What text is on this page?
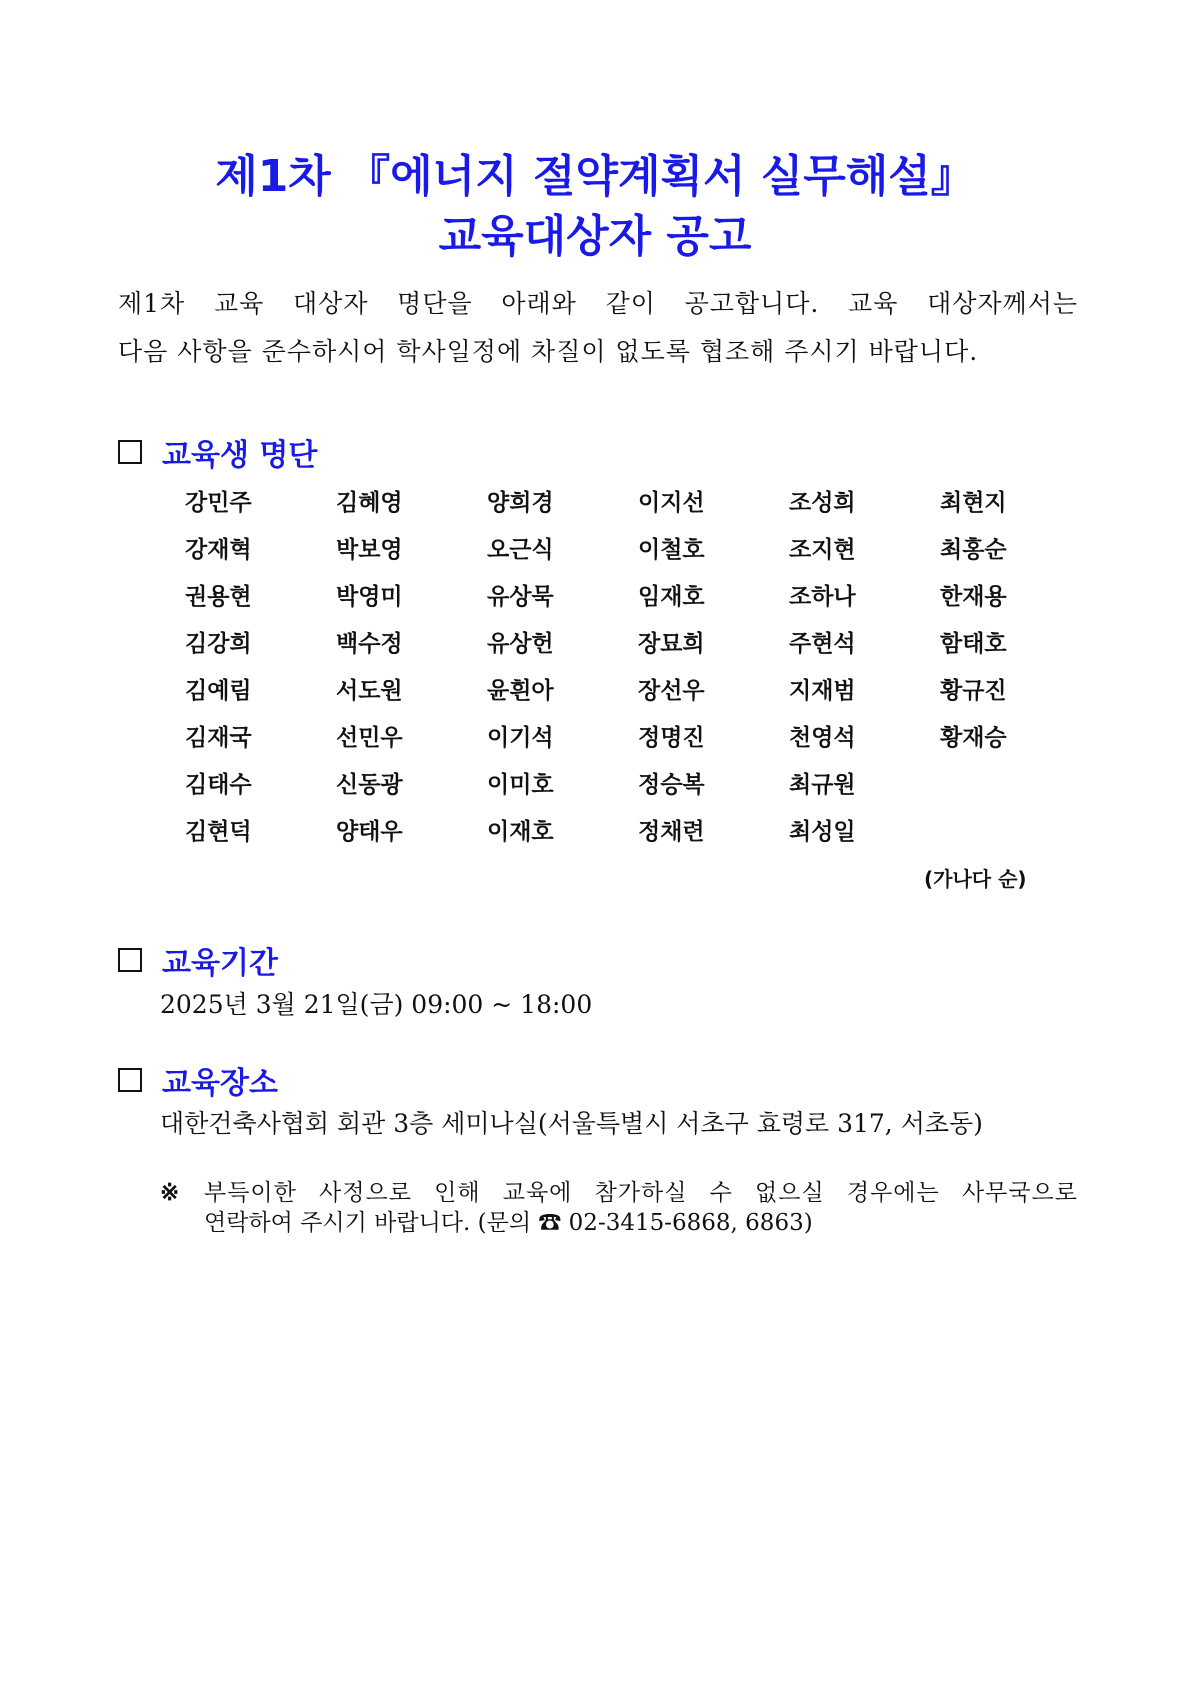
제1차 『에너지 절약계획서 실무해설』
교육대상자 공고
제1차 교육 대상자 명단을 아래와 같이 공고합니다. 교육 대상자께서는
다음 사항을 준수하시어 학사일정에 차질이 없도록 협조해 주시기 바랍니다.
교육생 명단
강민주	김혜영	양희경	이지선	조성희	최현지
강재혁	박보영	오근식	이철호	조지현	최홍순
권용현	박영미	유상묵	임재호	조하나	한재용
김강희	백수정	유상헌	장묘희	주현석	함태호
김예림	서도원	윤흰아	장선우	지재범	황규진
김재국	선민우	이기석	정명진	천영석	황재승
김태수	신동광	이미호	정승복	최규원
김현덕	양태우	이재호	정채련	최성일
(가나다 순)
교육기간
2025년 3월 21일(금) 09:00 ~ 18:00
교육장소
대한건축사협회 회관 3층 세미나실(서울특별시 서초구 효령로 317, 서초동)
※	부득이한 사정으로 인해 교육에 참가하실 수 없으실 경우에는 사무국으로
연락하여 주시기 바랍니다. (문의 ☎ 02-3415-6868, 6863)
